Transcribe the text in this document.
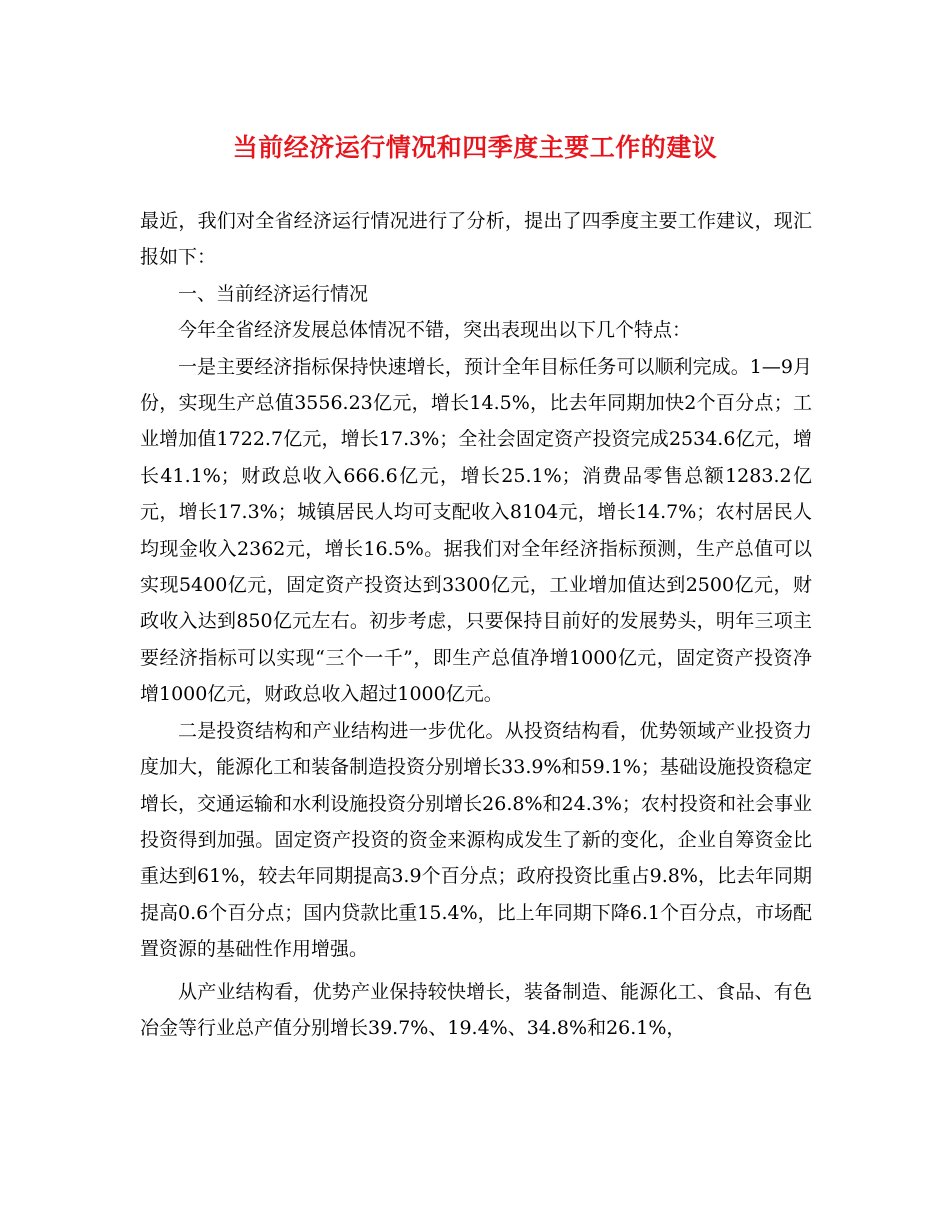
当前经济运行情况和四季度主要工作的建议

最近，我们对全省经济运行情况进行了分析，提出了四季度主要工作建议，现汇报如下：

一、当前经济运行情况

今年全省经济发展总体情况不错，突出表现出以下几个特点：

一是主要经济指标保持快速增长，预计全年目标任务可以顺利完成。1—9月份，实现生产总值3556.23亿元，增长14.5%，比去年同期加快2个百分点；工业增加值1722.7亿元，增长17.3%；全社会固定资产投资完成2534.6亿元，增长41.1%；财政总收入666.6亿元，增长25.1%；消费品零售总额1283.2亿元，增长17.3%；城镇居民人均可支配收入8104元，增长14.7%；农村居民人均现金收入2362元，增长16.5%。据我们对全年经济指标预测，生产总值可以实现5400亿元，固定资产投资达到3300亿元，工业增加值达到2500亿元，财政收入达到850亿元左右。初步考虑，只要保持目前好的发展势头，明年三项主要经济指标可以实现“三个一千”，即生产总值净增1000亿元，固定资产投资净增1000亿元，财政总收入超过1000亿元。

二是投资结构和产业结构进一步优化。从投资结构看，优势领域产业投资力度加大，能源化工和装备制造投资分别增长33.9%和59.1%；基础设施投资稳定增长，交通运输和水利设施投资分别增长26.8%和24.3%；农村投资和社会事业投资得到加强。固定资产投资的资金来源构成发生了新的变化，企业自筹资金比重达到61%，较去年同期提高3.9个百分点；政府投资比重占9.8%，比去年同期提高0.6个百分点；国内贷款比重15.4%，比上年同期下降6.1个百分点，市场配置资源的基础性作用增强。

从产业结构看，优势产业保持较快增长，装备制造、能源化工、食品、有色冶金等行业总产值分别增长39.7%、19.4%、34.8%和26.1%，
